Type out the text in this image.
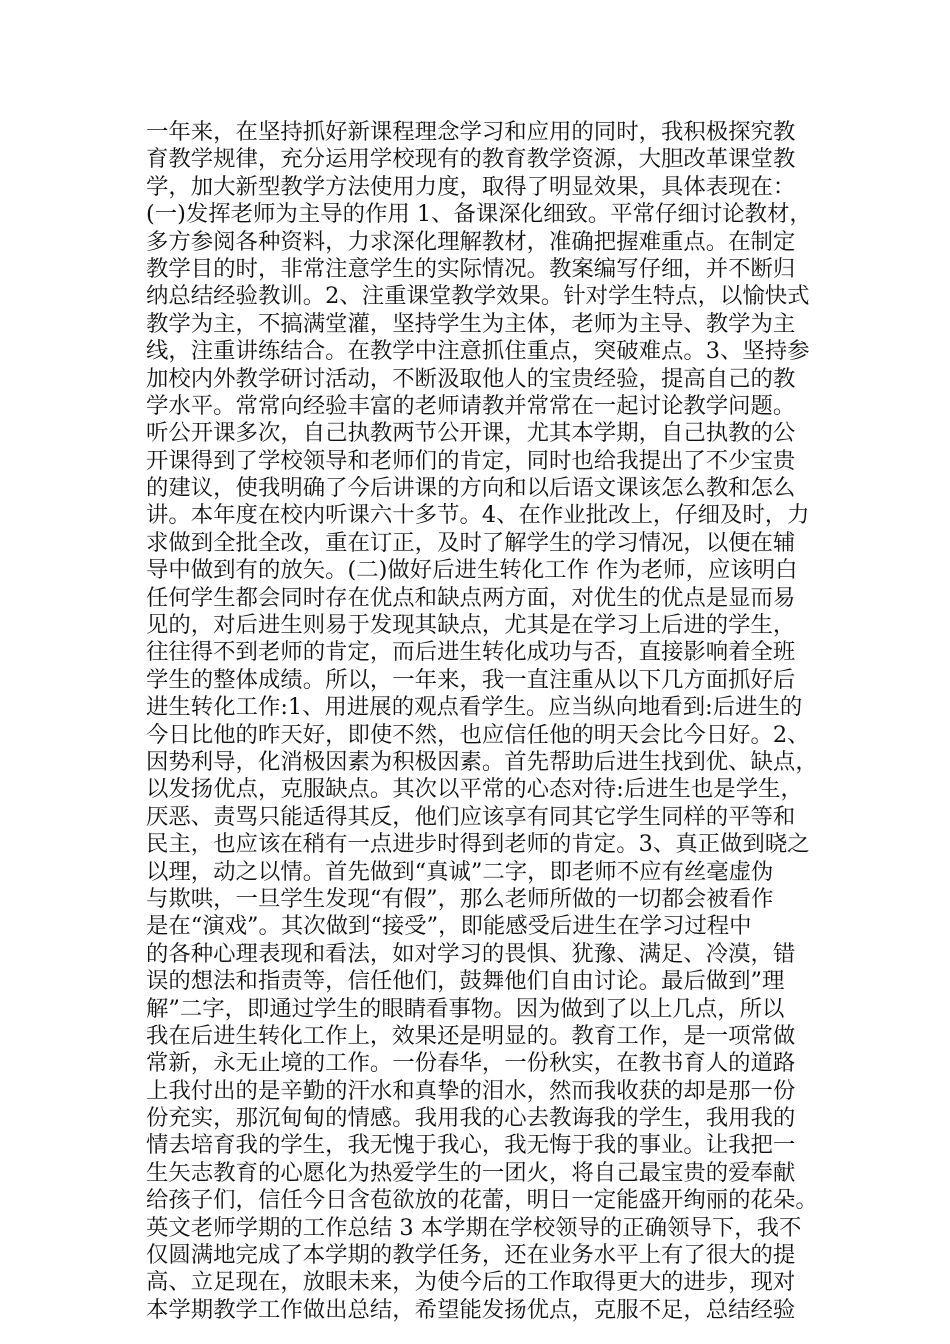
一年来，在坚持抓好新课程理念学习和应用的同时，我积极探究教
育教学规律，充分运用学校现有的教育教学资源，大胆改革课堂教
学，加大新型教学方法使用力度，取得了明显效果，具体表现在：
(一)发挥老师为主导的作用 1、备课深化细致。平常仔细讨论教材，
多方参阅各种资料，力求深化理解教材，准确把握难重点。在制定
教学目的时，非常注意学生的实际情况。教案编写仔细，并不断归
纳总结经验教训。2、注重课堂教学效果。针对学生特点，以愉快式
教学为主，不搞满堂灌，坚持学生为主体，老师为主导、教学为主
线，注重讲练结合。在教学中注意抓住重点，突破难点。3、坚持参
加校内外教学研讨活动，不断汲取他人的宝贵经验，提高自己的教
学水平。常常向经验丰富的老师请教并常常在一起讨论教学问题。
听公开课多次，自己执教两节公开课，尤其本学期，自己执教的公
开课得到了学校领导和老师们的肯定，同时也给我提出了不少宝贵
的建议，使我明确了今后讲课的方向和以后语文课该怎么教和怎么
讲。本年度在校内听课六十多节。4、在作业批改上，仔细及时，力
求做到全批全改，重在订正，及时了解学生的学习情况，以便在辅
导中做到有的放矢。(二)做好后进生转化工作 作为老师，应该明白
任何学生都会同时存在优点和缺点两方面，对优生的优点是显而易
见的，对后进生则易于发现其缺点，尤其是在学习上后进的学生，
往往得不到老师的肯定，而后进生转化成功与否，直接影响着全班
学生的整体成绩。所以，一年来，我一直注重从以下几方面抓好后
进生转化工作:1、用进展的观点看学生。应当纵向地看到:后进生的
今日比他的昨天好，即使不然，也应信任他的明天会比今日好。2、
因势利导，化消极因素为积极因素。首先帮助后进生找到优、缺点，
以发扬优点，克服缺点。其次以平常的心态对待:后进生也是学生，
厌恶、责骂只能适得其反，他们应该享有同其它学生同样的平等和
民主，也应该在稍有一点进步时得到老师的肯定。3、真正做到晓之
以理，动之以情。首先做到“真诚”二字，即老师不应有丝毫虚伪
与欺哄，一旦学生发现“有假”，那么老师所做的一切都会被看作
是在“演戏”。其次做到“接受”，即能感受后进生在学习过程中
的各种心理表现和看法，如对学习的畏惧、犹豫、满足、冷漠，错
误的想法和指责等，信任他们，鼓舞他们自由讨论。最后做到”理
解”二字，即通过学生的眼睛看事物。因为做到了以上几点，所以
我在后进生转化工作上，效果还是明显的。教育工作，是一项常做
常新，永无止境的工作。一份春华，一份秋实，在教书育人的道路
上我付出的是辛勤的汗水和真挚的泪水，然而我收获的却是那一份
份充实，那沉甸甸的情感。我用我的心去教诲我的学生，我用我的
情去培育我的学生，我无愧于我心，我无悔于我的事业。让我把一
生矢志教育的心愿化为热爱学生的一团火，将自己最宝贵的爱奉献
给孩子们，信任今日含苞欲放的花蕾，明日一定能盛开绚丽的花朵。
英文老师学期的工作总结 3 本学期在学校领导的正确领导下，我不
仅圆满地完成了本学期的教学任务，还在业务水平上有了很大的提
高、立足现在，放眼未来，为使今后的工作取得更大的进步，现对
本学期教学工作做出总结，希望能发扬优点，克服不足，总结经验
